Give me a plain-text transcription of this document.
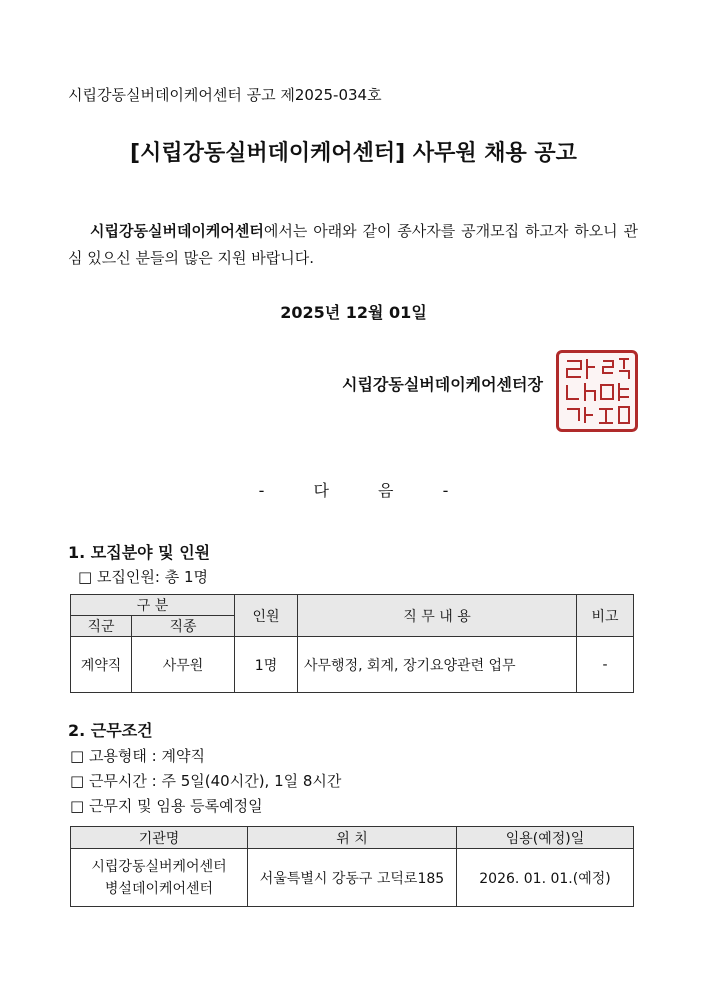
시립강동실버데이케어센터 공고 제2025-034호
[시립강동실버데이케어센터] 사무원 채용 공고
시립강동실버데이케어센터에서는 아래와 같이 종사자를 공개모집 하고자 하오니 관심 있으신 분들의 많은 지원 바랍니다.
2025년 12월 01일
시립강동실버데이케어센터장
-	다	음	-
1. 모집분야 및 인원
□ 모집인원: 총 1명
구 분		인원	직 무 내 용	비고
직군	직종			
계약직	사무원	1명	사무행정, 회계, 장기요양관련 업무	-
2. 근무조건
□ 고용형태 : 계약직
□ 근무시간 : 주 5일(40시간), 1일 8시간
□ 근무지 및 임용 등록예정일
기관명	위 치	임용(예정)일

시립강동실버케어센터
병설데이케어센터	서울특별시 강동구 고덕로185	2026. 01. 01.(예정)
